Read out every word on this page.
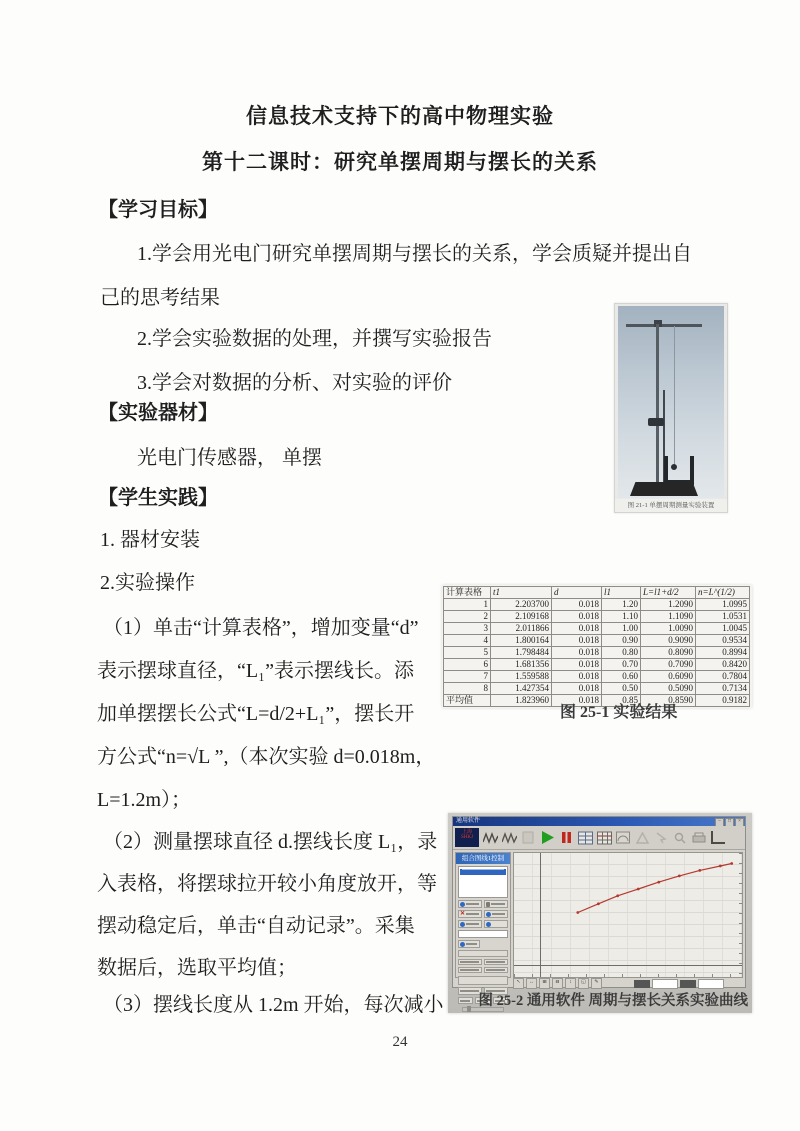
信息技术支持下的高中物理实验
第十二课时：研究单摆周期与摆长的关系
【学习目标】
1.学会用光电门研究单摆周期与摆长的关系，学会质疑并提出自
己的思考结果
2.学会实验数据的处理，并撰写实验报告
3.学会对数据的分析、对实验的评价
【实验器材】
光电门传感器， 单摆
【学生实践】
1. 器材安装
2.实验操作
（1）单击“计算表格”，增加变量“d”
表示摆球直径，“L₁”表示摆线长。添
加单摆摆长公式“L=d/2+L₁”，摆长开
方公式“n=√L ”,（本次实验 d=0.018m，
L=1.2m）；
（2）测量摆球直径 d.摆线长度 L₁，录
入表格，将摆球拉开较小角度放开，等
摆动稳定后，单击“自动记录”。采集
数据后，选取平均值；
（3）摆线长度从 1.2m 开始，每次减小
图 21-1 单摆周期测量实验装置
计算表格	t1	d	l1	L=l1+d/2	n=L^(1/2)
1	2.203700	0.018	1.20	1.2090	1.0995
2	2.109168	0.018	1.10	1.1090	1.0531
3	2.011866	0.018	1.00	1.0090	1.0045
4	1.800164	0.018	0.90	0.9090	0.9534
5	1.798484	0.018	0.80	0.8090	0.8994
6	1.681356	0.018	0.70	0.7090	0.8420
7	1.559588	0.018	0.60	0.6090	0.7804
8	1.427354	0.018	0.50	0.5090	0.7134
平均值	1.823960	0.018	0.85	0.8590	0.9182
图 25-1 实验结果
通用软件	–	□	×
上海
SHKJ
组合图线1控制
✕
↖	↔	⊞	⊟	↕	◱	✎
图 25-2 通用软件 周期与摆长关系实验曲线
24
